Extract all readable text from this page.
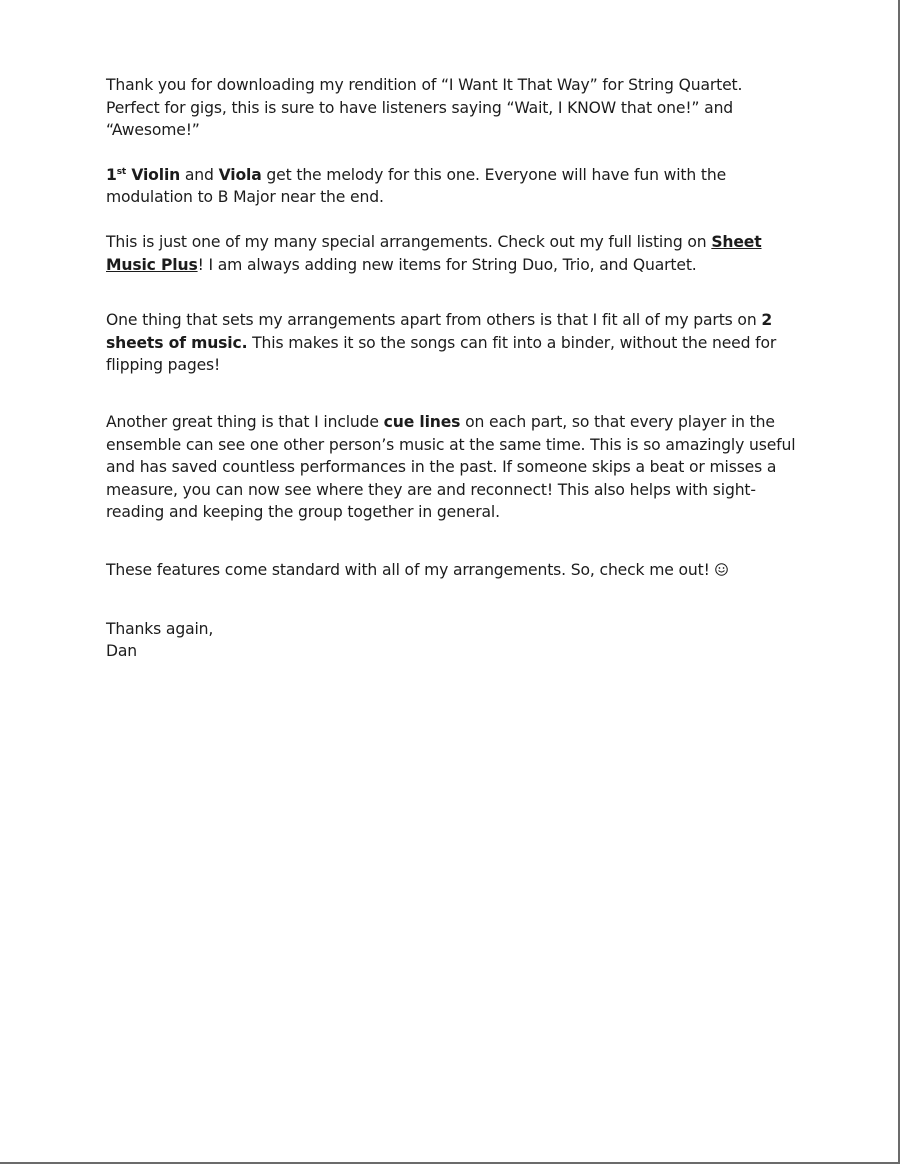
Thank you for downloading my rendition of “I Want It That Way” for String Quartet. Perfect for gigs, this is sure to have listeners saying “Wait, I KNOW that one!” and “Awesome!”

1st Violin and Viola get the melody for this one. Everyone will have fun with the modulation to B Major near the end.

This is just one of my many special arrangements. Check out my full listing on Sheet Music Plus! I am always adding new items for String Duo, Trio, and Quartet.

One thing that sets my arrangements apart from others is that I fit all of my parts on 2 sheets of music. This makes it so the songs can fit into a binder, without the need for flipping pages!

Another great thing is that I include cue lines on each part, so that every player in the ensemble can see one other person’s music at the same time. This is so amazingly useful and has saved countless performances in the past. If someone skips a beat or misses a measure, you can now see where they are and reconnect! This also helps with sight-reading and keeping the group together in general.

These features come standard with all of my arrangements. So, check me out!

Thanks again,
Dan
